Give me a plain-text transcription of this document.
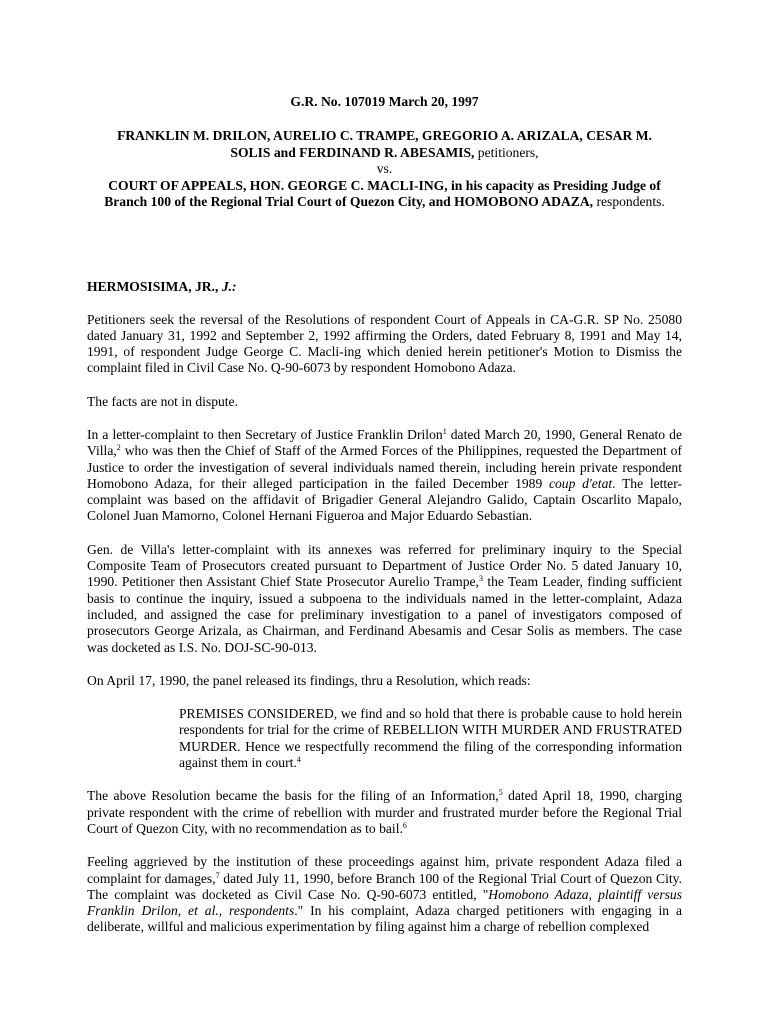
G.R. No. 107019 March 20, 1997
FRANKLIN M. DRILON, AURELIO C. TRAMPE, GREGORIO A. ARIZALA, CESAR M.
SOLIS and FERDINAND R. ABESAMIS, petitioners,
vs.
COURT OF APPEALS, HON. GEORGE C. MACLI-ING, in his capacity as Presiding Judge of
Branch 100 of the Regional Trial Court of Quezon City, and HOMOBONO ADAZA, respondents.
HERMOSISIMA, JR., J.:

Petitioners seek the reversal of the Resolutions of respondent Court of Appeals in CA-G.R. SP No. 25080 dated January 31, 1992 and September 2, 1992 affirming the Orders, dated February 8, 1991 and May 14, 1991, of respondent Judge George C. Macli-ing which denied herein petitioner's Motion to Dismiss the complaint filed in Civil Case No. Q-90-6073 by respondent Homobono Adaza.

The facts are not in dispute.

In a letter-complaint to then Secretary of Justice Franklin Drilon$^1$ dated March 20, 1990, General Renato de Villa,$^2$ who was then the Chief of Staff of the Armed Forces of the Philippines, requested the Department of Justice to order the investigation of several individuals named therein, including herein private respondent Homobono Adaza, for their alleged participation in the failed December 1989 coup d'etat. The letter-complaint was based on the affidavit of Brigadier General Alejandro Galido, Captain Oscarlito Mapalo, Colonel Juan Mamorno, Colonel Hernani Figueroa and Major Eduardo Sebastian.

Gen. de Villa's letter-complaint with its annexes was referred for preliminary inquiry to the Special Composite Team of Prosecutors created pursuant to Department of Justice Order No. 5 dated January 10, 1990. Petitioner then Assistant Chief State Prosecutor Aurelio Trampe,$^3$ the Team Leader, finding sufficient basis to continue the inquiry, issued a subpoena to the individuals named in the letter-complaint, Adaza included, and assigned the case for preliminary investigation to a panel of investigators composed of prosecutors George Arizala, as Chairman, and Ferdinand Abesamis and Cesar Solis as members. The case was docketed as I.S. No. DOJ-SC-90-013.

On April 17, 1990, the panel released its findings, thru a Resolution, which reads:

PREMISES CONSIDERED, we find and so hold that there is probable cause to hold herein respondents for trial for the crime of REBELLION WITH MURDER AND FRUSTRATED MURDER. Hence we respectfully recommend the filing of the corresponding information against them in court.$^4$

The above Resolution became the basis for the filing of an Information,$^5$ dated April 18, 1990, charging private respondent with the crime of rebellion with murder and frustrated murder before the Regional Trial Court of Quezon City, with no recommendation as to bail.$^6$

Feeling aggrieved by the institution of these proceedings against him, private respondent Adaza filed a complaint for damages,$^7$ dated July 11, 1990, before Branch 100 of the Regional Trial Court of Quezon City. The complaint was docketed as Civil Case No. Q-90-6073 entitled, "Homobono Adaza, plaintiff versus Franklin Drilon, et al., respondents." In his complaint, Adaza charged petitioners with engaging in a deliberate, willful and malicious experimentation by filing against him a charge of rebellion complexed
